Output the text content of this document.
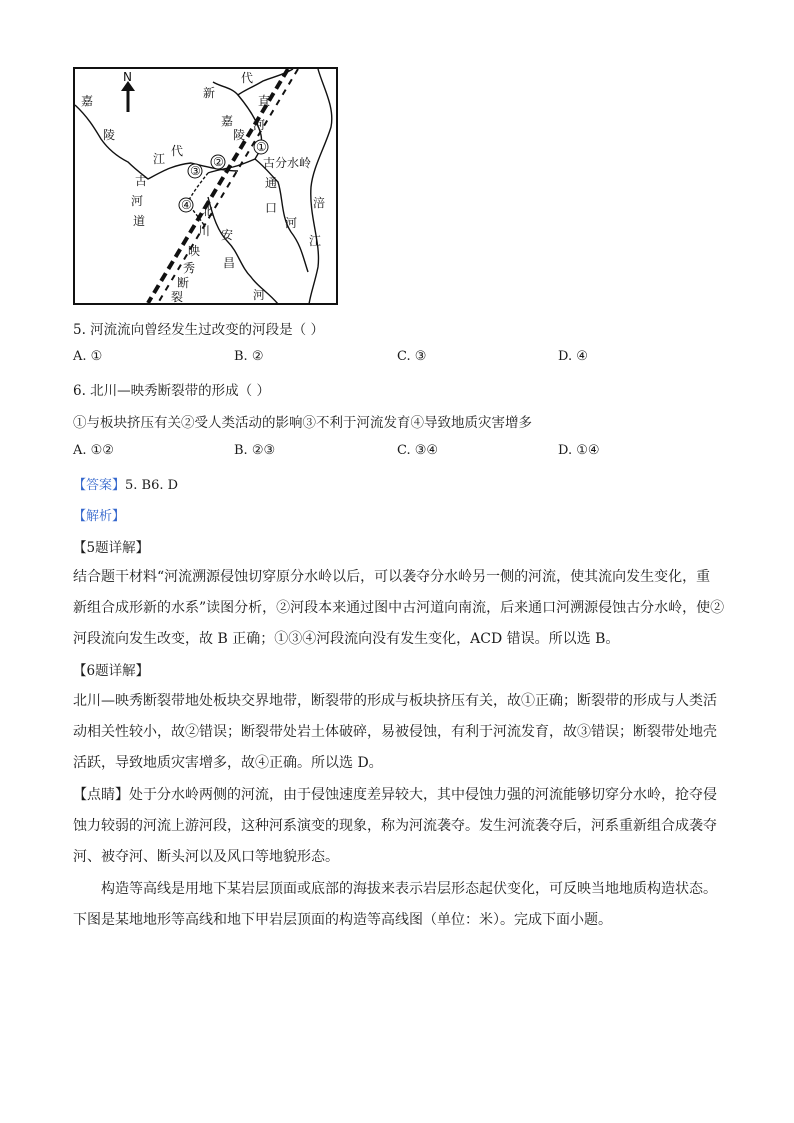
N
①
②
③
④
嘉
陵
江
代
新
代
直
河
古
河
道
古分水岭
通
口
河
北
川
映
秀
断
裂
安
昌
河
涪
江
嘉
陵
5. 河流流向曾经发生过改变的河段是（ ）
A. ①	B. ②	C. ③	D. ④
6. 北川—映秀断裂带的形成（ ）
①与板块挤压有关②受人类活动的影响③不利于河流发育④导致地质灾害增多
A. ①②	B. ②③	C. ③④	D. ①④
【答案】5. B6. D
【解析】
【5题详解】
结合题干材料“河流溯源侵蚀切穿原分水岭以后，可以袭夺分水岭另一侧的河流，使其流向发生变化，重
新组合成形新的水系”读图分析，②河段本来通过图中古河道向南流，后来通口河溯源侵蚀古分水岭，使②
河段流向发生改变，故 B 正确；①③④河段流向没有发生变化，ACD 错误。所以选 B。
【6题详解】
北川—映秀断裂带地处板块交界地带，断裂带的形成与板块挤压有关，故①正确；断裂带的形成与人类活
动相关性较小，故②错误；断裂带处岩土体破碎，易被侵蚀，有利于河流发育，故③错误；断裂带处地壳
活跃，导致地质灾害增多，故④正确。所以选 D。
【点睛】处于分水岭两侧的河流，由于侵蚀速度差异较大，其中侵蚀力强的河流能够切穿分水岭，抢夺侵
蚀力较弱的河流上游河段，这种河系演变的现象，称为河流袭夺。发生河流袭夺后，河系重新组合成袭夺
河、被夺河、断头河以及风口等地貌形态。
构造等高线是用地下某岩层顶面或底部的海拔来表示岩层形态起伏变化，可反映当地地质构造状态。
下图是某地地形等高线和地下甲岩层顶面的构造等高线图（单位：米）。完成下面小题。
